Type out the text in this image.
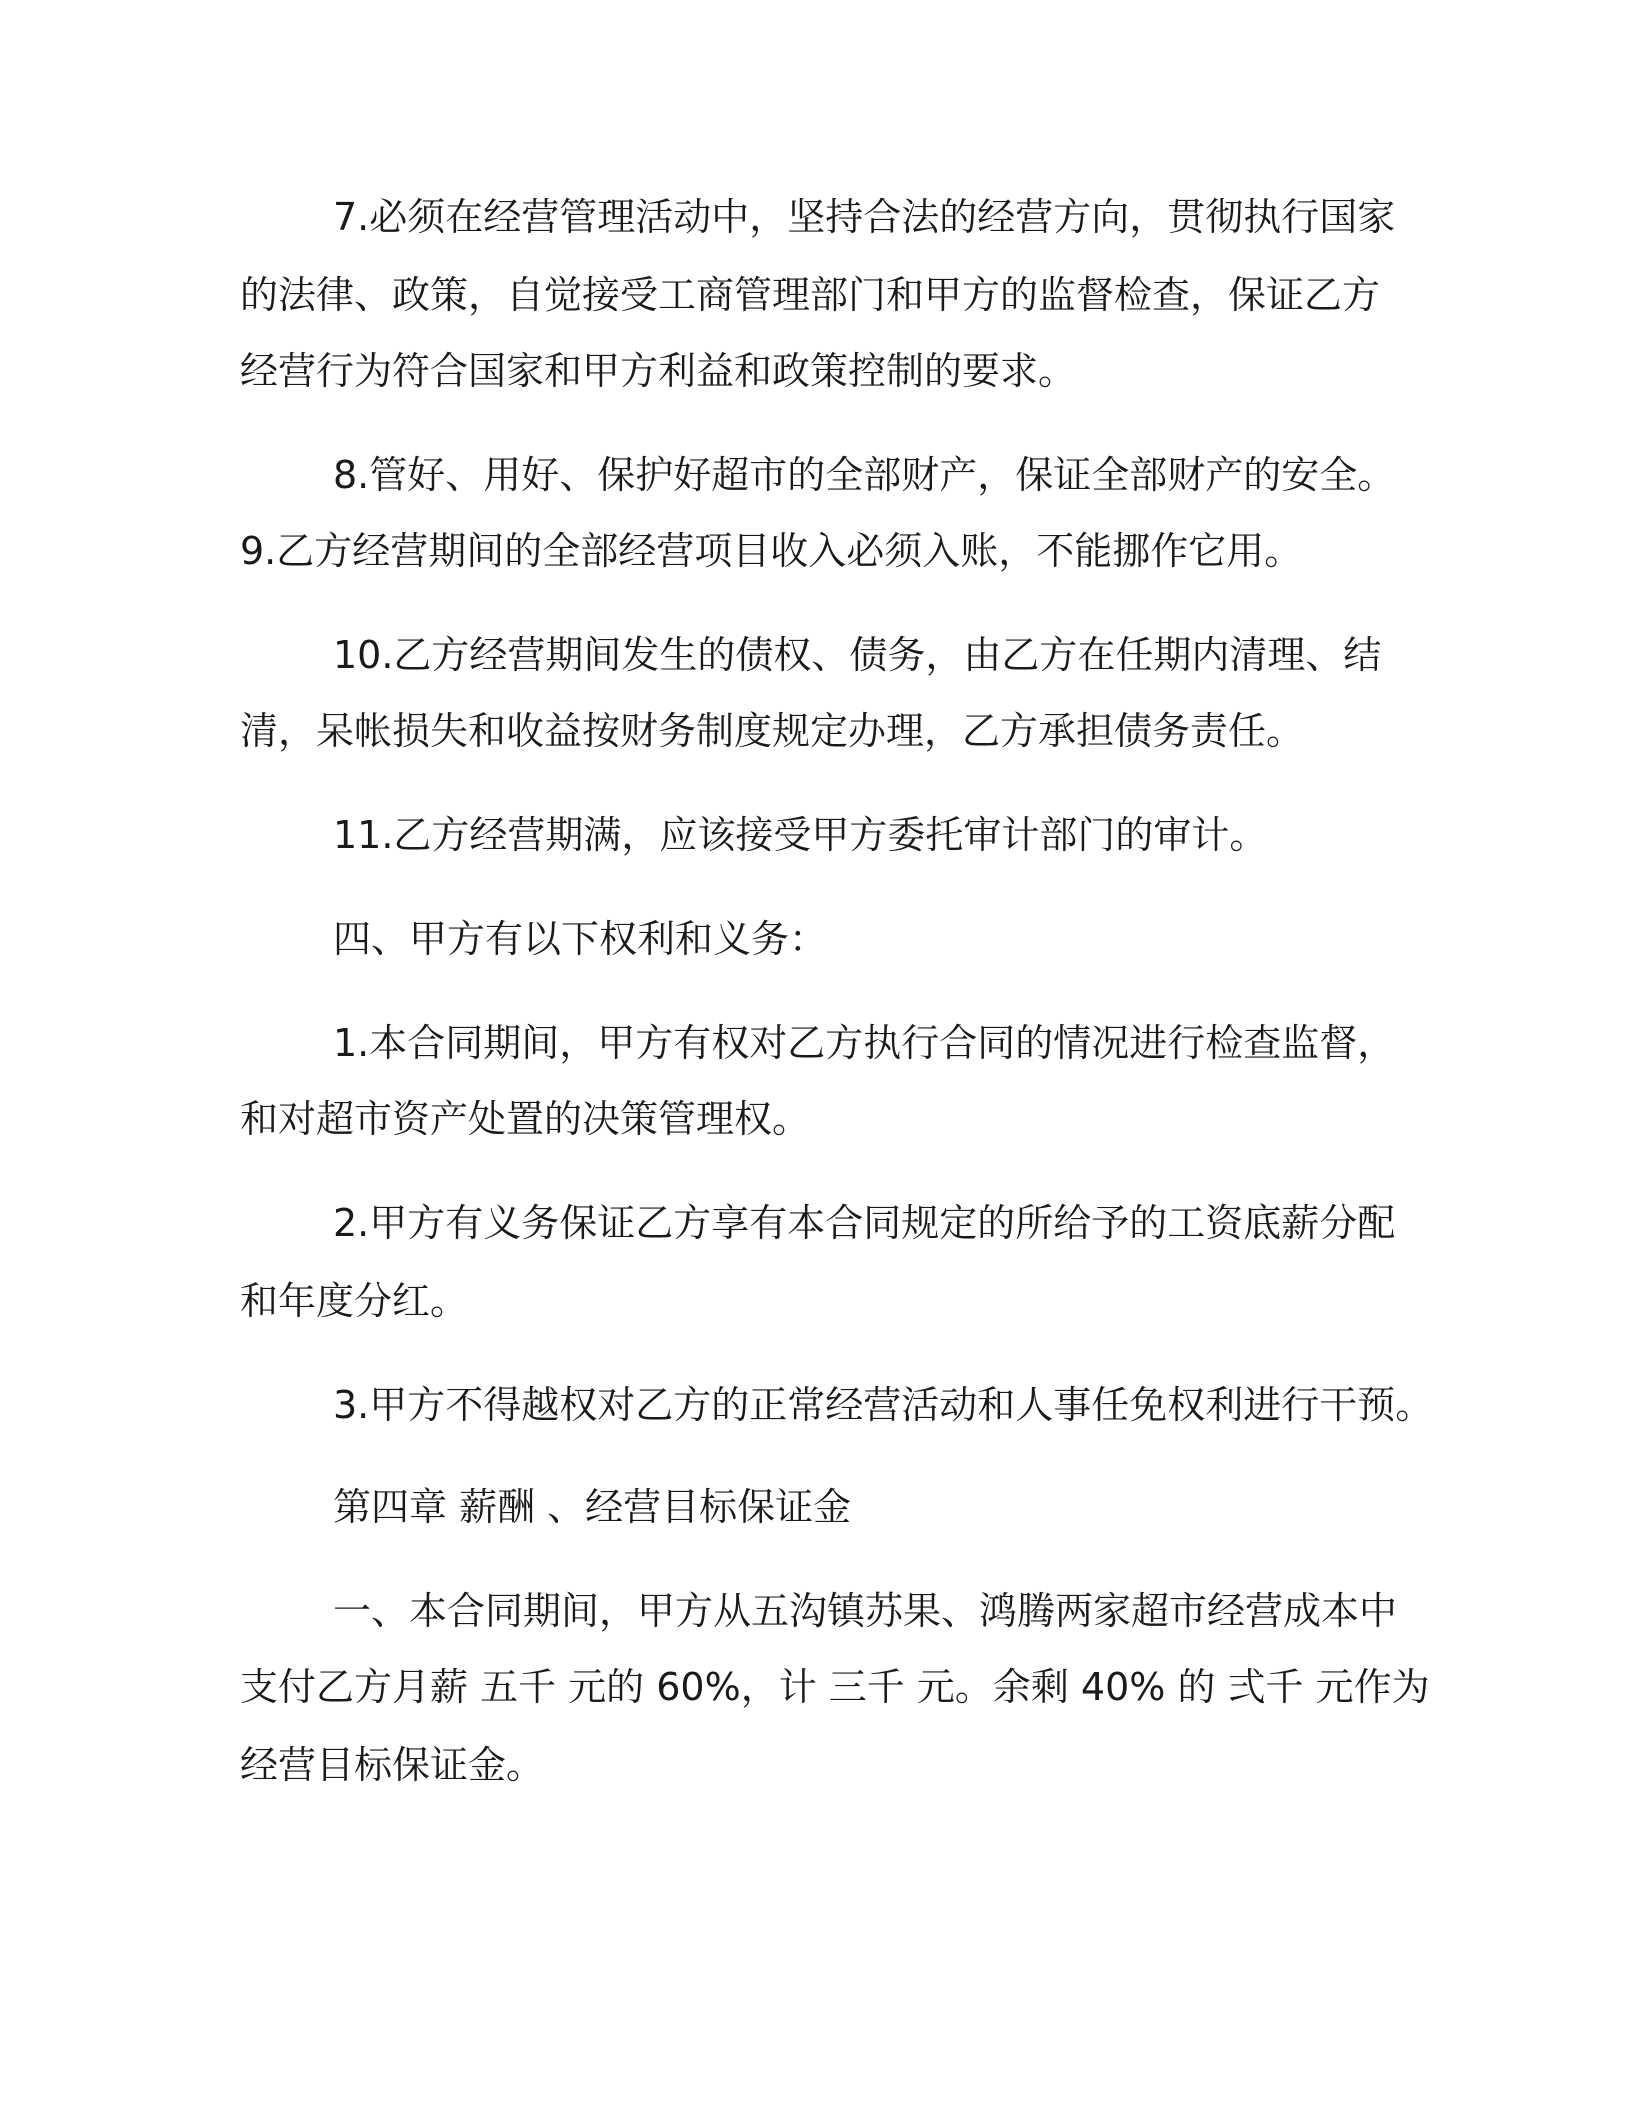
7.必须在经营管理活动中，坚持合法的经营方向，贯彻执行国家
的法律、政策，自觉接受工商管理部门和甲方的监督检查，保证乙方
经营行为符合国家和甲方利益和政策控制的要求。
8.管好、用好、保护好超市的全部财产，保证全部财产的安全。
9.乙方经营期间的全部经营项目收入必须入账，不能挪作它用。
10.乙方经营期间发生的债权、债务，由乙方在任期内清理、结
清，呆帐损失和收益按财务制度规定办理，乙方承担债务责任。
11.乙方经营期满，应该接受甲方委托审计部门的审计。
四、甲方有以下权利和义务：
1.本合同期间，甲方有权对乙方执行合同的情况进行检查监督，
和对超市资产处置的决策管理权。
2.甲方有义务保证乙方享有本合同规定的所给予的工资底薪分配
和年度分红。
3.甲方不得越权对乙方的正常经营活动和人事任免权利进行干预。
第四章 薪酬 、经营目标保证金
一、本合同期间，甲方从五沟镇苏果、鸿腾两家超市经营成本中
支付乙方月薪 五千 元的 60%，计 三千 元。余剩 40% 的 弍千 元作为
经营目标保证金。
